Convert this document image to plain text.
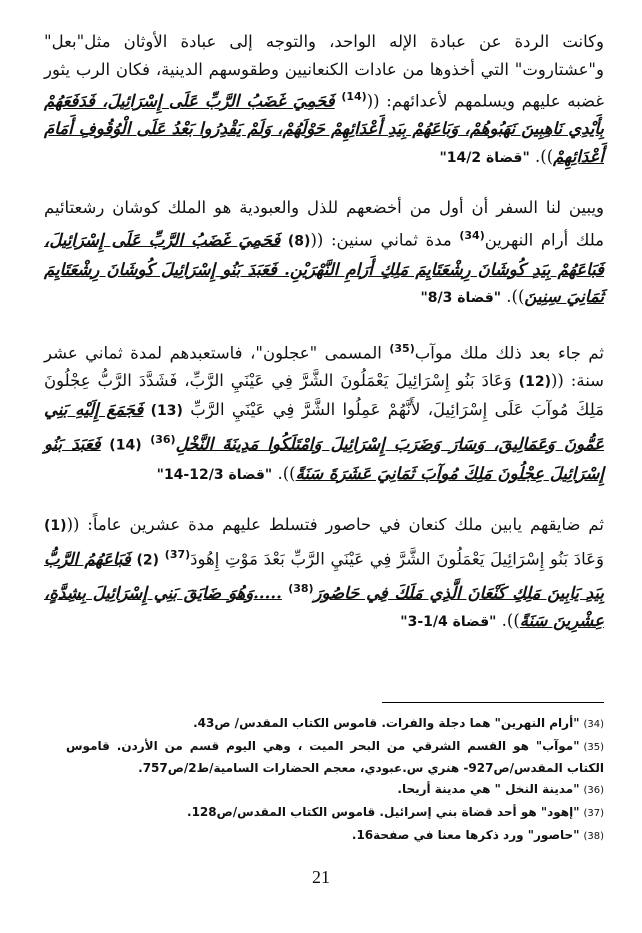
وكانت الردة عن عبادة الإله الواحد، والتوجه إلى عبادة الأوثان مثل"بعل" و"عشتاروت" التي أخذوها من عادات الكنعانيين وطقوسهم الدينية، فكان الرب يثور غضبه عليهم ويسلمهم لأعدائهم: (($^{(14)}$ فَحَمِيَ غَضَبُ الرَّبِّ عَلَى إِسْرَائِيلَ، فَدَفَعَهُمْ بِأَيْدِي نَاهِبِينَ نَهَبُوهُمْ، وَبَاعَهُمْ بِيَدِ أَعْدَائِهِمْ حَوْلَهُمْ، وَلَمْ يَقْدِرُوا بَعْدُ عَلَى الْوُقُوفِ أَمَامَ أَعْدَائِهِمْ)). "قضاة 14/2"

ويبين لنا السفر أن أول من أخضعهم للذل والعبودية هو الملك كوشان رشعتائيم ملك أرام النهرين$^{(34)}$ مدة ثماني سنين: (((8) فَحَمِيَ غَضَبُ الرَّبِّ عَلَى إِسْرَائِيلَ، فَبَاعَهُمْ بِيَدِ كُوشَانَ رِشْعَتَايِمَ مَلِكِ أَرَامِ النَّهْرَيْنِ. فَعَبَدَ بَنُو إِسْرَائِيلَ كُوشَانَ رِشْعَتَايِمَ ثَمَانِيَ سِنِينَ)). "قضاة 8/3"

ثم جاء بعد ذلك ملك موآب$^{(35)}$ المسمى "عجلون"، فاستعبدهم لمدة ثماني عشر سنة: (((12) وَعَادَ بَنُو إِسْرَائِيلَ يَعْمَلُونَ الشَّرَّ فِي عَيْنَيِ الرَّبِّ، فَشَدَّدَ الرَّبُّ عِجْلُونَ مَلِكَ مُوآبَ عَلَى إِسْرَائِيلَ، لأَنَّهُمْ عَمِلُوا الشَّرَّ فِي عَيْنَيِ الرَّبِّ (13) فَجَمَعَ إِلَيْهِ بَنِي عَمُّونَ وَعَمَالِيقَ، وَسَارَ وَضَرَبَ إِسْرَائِيلَ وَامْتَلَكُوا مَدِينَةَ النَّخْلِ$^{(36)}$ (14) فَعَبَدَ بَنُو إِسْرَائِيلَ عِجْلُونَ مَلِكَ مُوآبَ ثَمَانِيَ عَشَرَةَ سَنَةً)). "قضاة 12/3-14"

ثم ضايقهم يابين ملك كنعان في حاصور فتسلط عليهم مدة عشرين عاماً: (((1) وَعَادَ بَنُو إِسْرَائِيلَ يَعْمَلُونَ الشَّرَّ فِي عَيْنَيِ الرَّبِّ بَعْدَ مَوْتِ إِهُودَ$^{(37)}$ (2) فَبَاعَهُمُ الرَّبُّ بِيَدِ يَابِينَ مَلِكِ كَنْعَانَ الَّذِي مَلَكَ فِي حَاصُورَ$^{(38)}$ .....وَهُوَ ضَايَقَ بَنِي إِسْرَائِيلَ بِشِدَّةٍ، عِشْرِينَ سَنَةً)). "قضاة 1/4-3"

(34)"أرام النهرين" هما دجلة والفرات. قاموس الكتاب المقدس/ ص43.

(35)"موآب" هو القسم الشرقي من البحر الميت ، وهي اليوم قسم من الأردن. قاموس الكتاب المقدس/ص927- هنري س.عبودي، معجم الحضارات السامية/ط2/ص757.

(36)"مدينة النخل " هي مدينة أريحا.

(37)"إهود" هو أحد قضاة بني إسرائيل. قاموس الكتاب المقدس/ص128.

(38)"حاصور" ورد ذكرها معنا في صفحة16.

21
